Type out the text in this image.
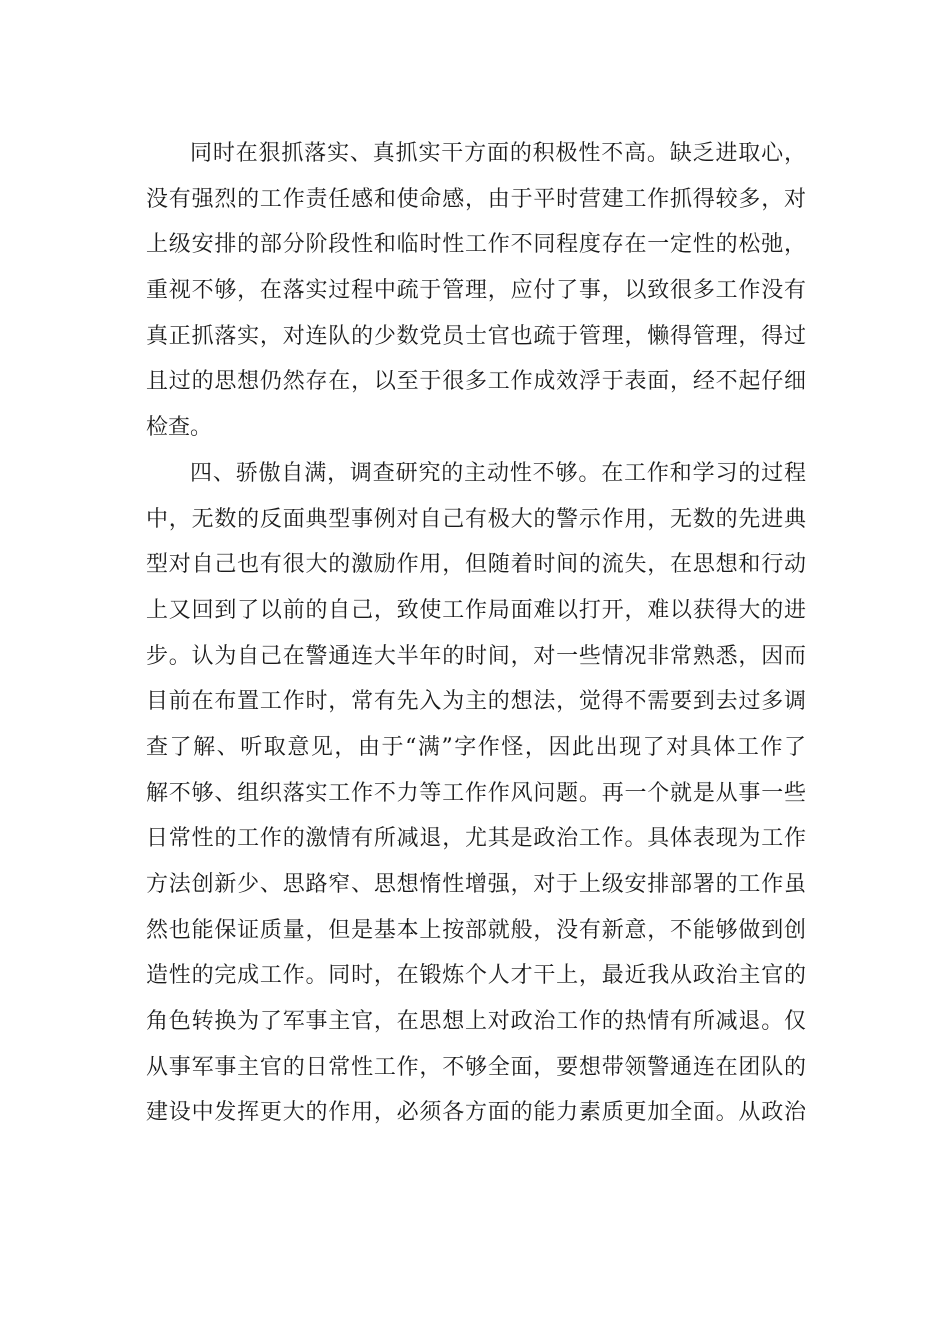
同时在狠抓落实、真抓实干方面的积极性不高。缺乏进取心，
没有强烈的工作责任感和使命感，由于平时营建工作抓得较多，对
上级安排的部分阶段性和临时性工作不同程度存在一定性的松弛，
重视不够，在落实过程中疏于管理，应付了事，以致很多工作没有
真正抓落实，对连队的少数党员士官也疏于管理，懒得管理，得过
且过的思想仍然存在，以至于很多工作成效浮于表面，经不起仔细
检查。
四、骄傲自满，调查研究的主动性不够。在工作和学习的过程
中，无数的反面典型事例对自己有极大的警示作用，无数的先进典
型对自己也有很大的激励作用，但随着时间的流失，在思想和行动
上又回到了以前的自己，致使工作局面难以打开，难以获得大的进
步。认为自己在警通连大半年的时间，对一些情况非常熟悉，因而
目前在布置工作时，常有先入为主的想法，觉得不需要到去过多调
查了解、听取意见，由于“满”字作怪，因此出现了对具体工作了
解不够、组织落实工作不力等工作作风问题。再一个就是从事一些
日常性的工作的激情有所减退，尤其是政治工作。具体表现为工作
方法创新少、思路窄、思想惰性增强，对于上级安排部署的工作虽
然也能保证质量，但是基本上按部就般，没有新意，不能够做到创
造性的完成工作。同时，在锻炼个人才干上，最近我从政治主官的
角色转换为了军事主官，在思想上对政治工作的热情有所减退。仅
从事军事主官的日常性工作，不够全面，要想带领警通连在团队的
建设中发挥更大的作用，必须各方面的能力素质更加全面。从政治
